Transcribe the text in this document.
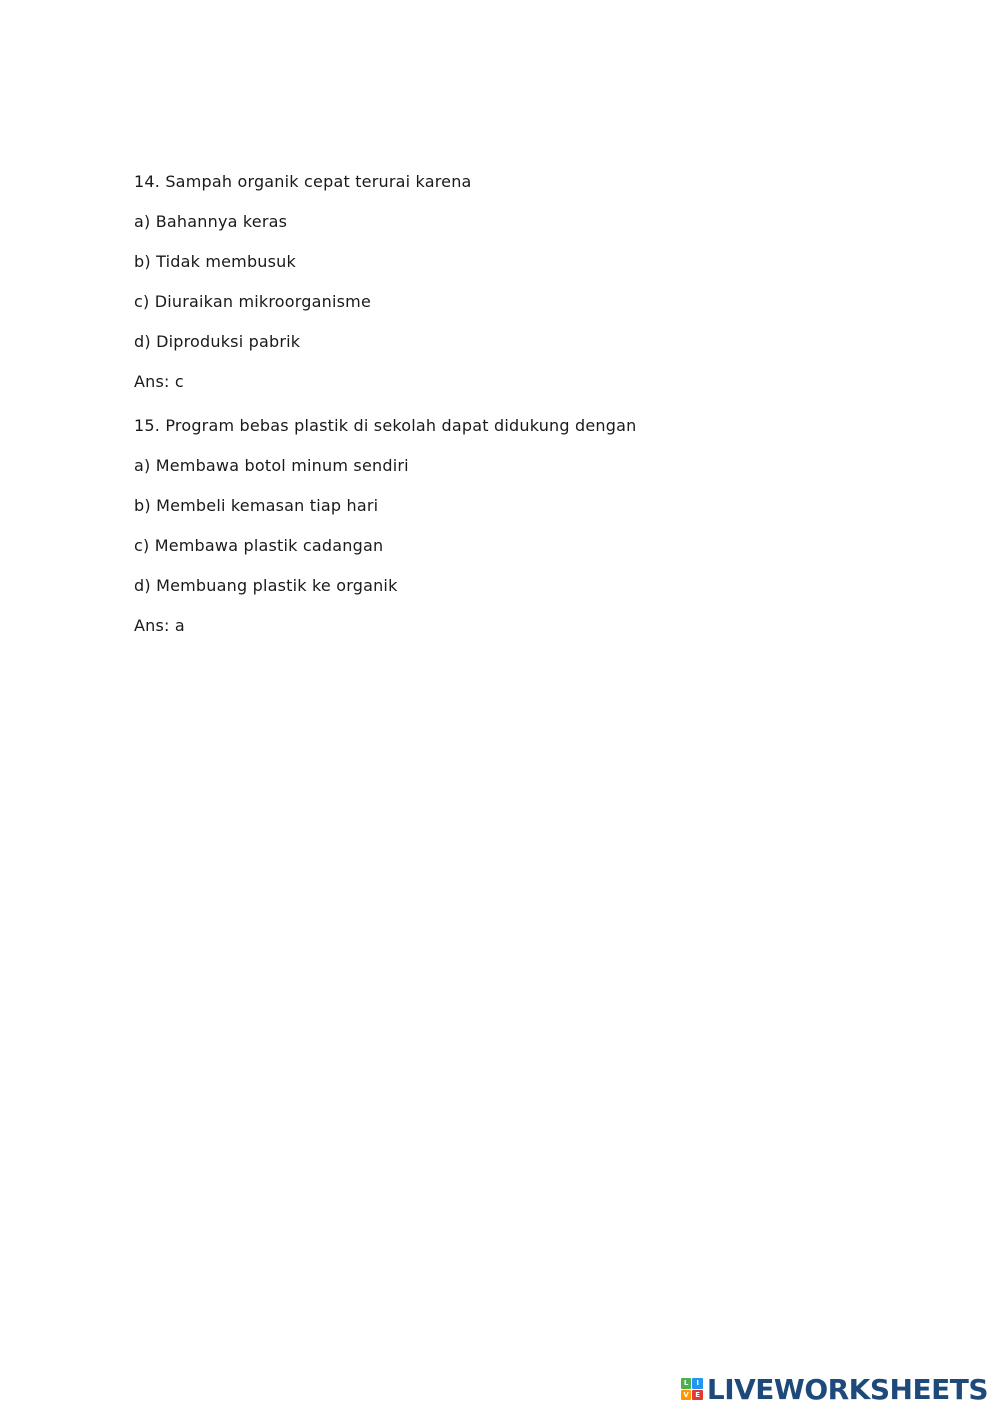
14. Sampah organik cepat terurai karena
a) Bahannya keras
b) Tidak membusuk
c) Diuraikan mikroorganisme
d) Diproduksi pabrik
Ans: c
15. Program bebas plastik di sekolah dapat didukung dengan
a) Membawa botol minum sendiri
b) Membeli kemasan tiap hari
c) Membawa plastik cadangan
d) Membuang plastik ke organik
Ans: a
L	I
V E LIVEWORKSHEETS
